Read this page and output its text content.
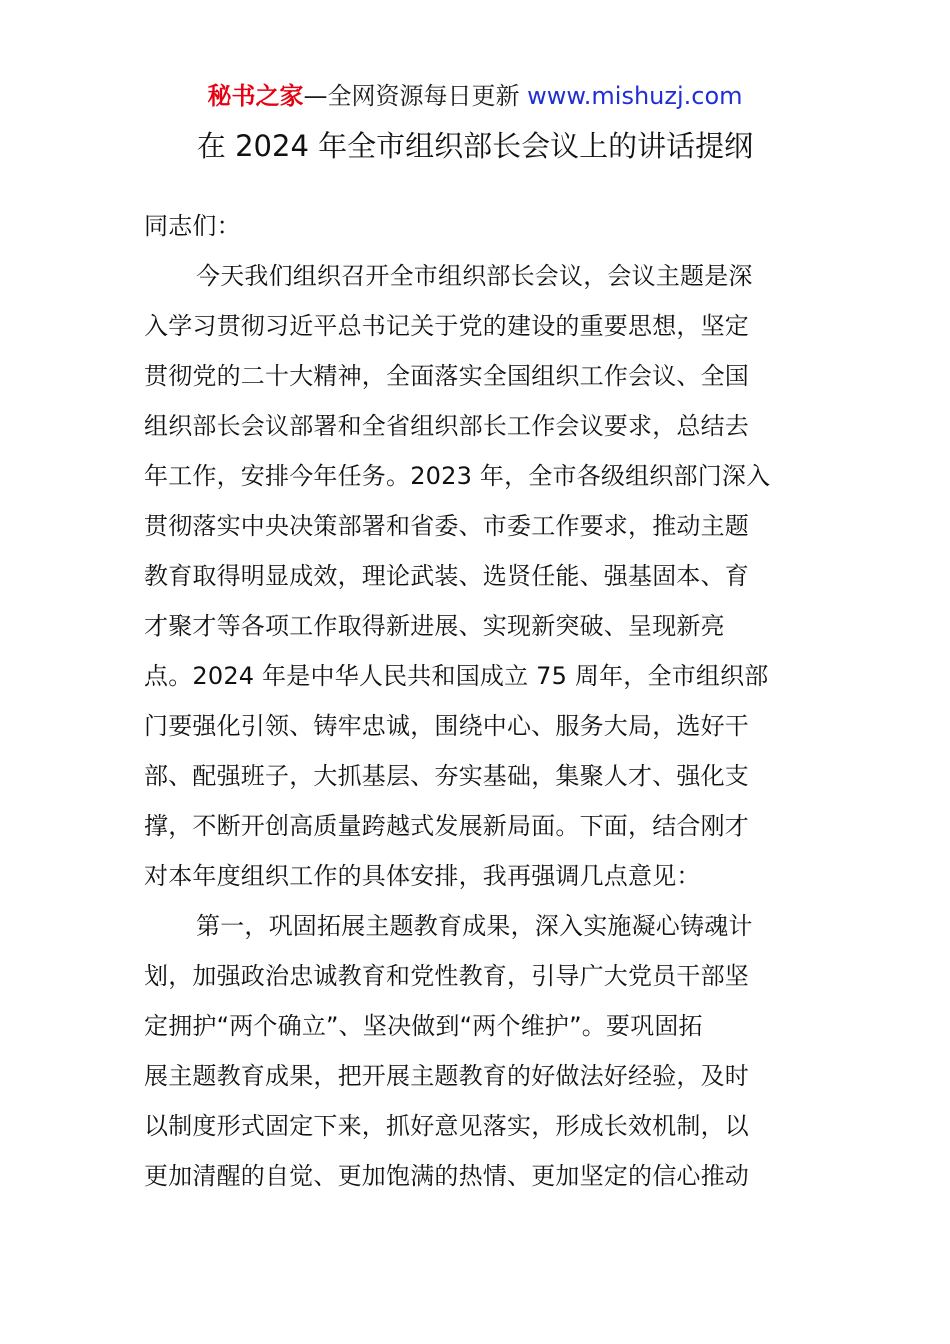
秘书之家—全网资源每日更新 www.mishuzj.com
在 2024 年全市组织部长会议上的讲话提纲
同志们：
今天我们组织召开全市组织部长会议，会议主题是深
入学习贯彻习近平总书记关于党的建设的重要思想，坚定
贯彻党的二十大精神，全面落实全国组织工作会议、全国
组织部长会议部署和全省组织部长工作会议要求，总结去
年工作，安排今年任务。2023 年，全市各级组织部门深入
贯彻落实中央决策部署和省委、市委工作要求，推动主题
教育取得明显成效，理论武装、选贤任能、强基固本、育
才聚才等各项工作取得新进展、实现新突破、呈现新亮
点。2024 年是中华人民共和国成立 75 周年，全市组织部
门要强化引领、铸牢忠诚，围绕中心、服务大局，选好干
部、配强班子，大抓基层、夯实基础，集聚人才、强化支
撑，不断开创高质量跨越式发展新局面。下面，结合刚才
对本年度组织工作的具体安排，我再强调几点意见：
第一，巩固拓展主题教育成果，深入实施凝心铸魂计
划，加强政治忠诚教育和党性教育，引导广大党员干部坚
定拥护“两个确立”、坚决做到“两个维护”。要巩固拓
展主题教育成果，把开展主题教育的好做法好经验，及时
以制度形式固定下来，抓好意见落实，形成长效机制，以
更加清醒的自觉、更加饱满的热情、更加坚定的信心推动
